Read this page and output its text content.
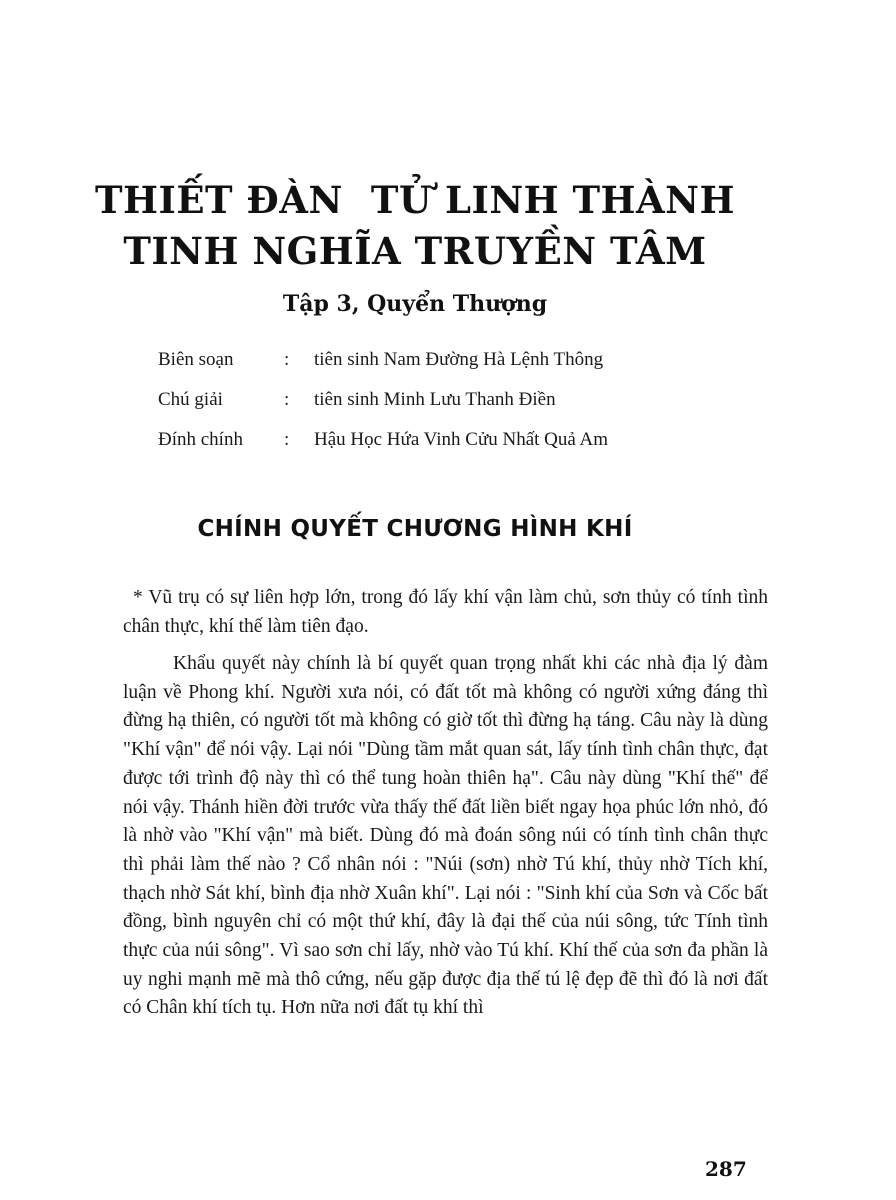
THIẾT ĐÀN TỬ LINH THÀNH
TINH NGHĨA TRUYỀN TÂM
Tập 3, Quyển Thượng
Biên soạn	:	tiên sinh Nam Đường Hà Lệnh Thông
Chú giải	:	tiên sinh Minh Lưu Thanh Điền
Đính chính	:	Hậu Học Hứa Vinh Cửu Nhất Quả Am
CHÍNH QUYẾT CHƯƠNG HÌNH KHÍ

* Vũ trụ có sự liên hợp lớn, trong đó lấy khí vận làm chủ, sơn thủy có tính tình chân thực, khí thế làm tiên đạo.

Khẩu quyết này chính là bí quyết quan trọng nhất khi các nhà địa lý đàm luận về Phong khí. Người xưa nói, có đất tốt mà không có người xứng đáng thì đừng hạ thiên, có người tốt mà không có giờ tốt thì đừng hạ táng. Câu này là dùng "Khí vận" để nói vậy. Lại nói "Dùng tầm mắt quan sát, lấy tính tình chân thực, đạt được tới trình độ này thì có thể tung hoàn thiên hạ". Câu này dùng "Khí thế" để nói vậy. Thánh hiền đời trước vừa thấy thế đất liền biết ngay họa phúc lớn nhỏ, đó là nhờ vào "Khí vận" mà biết. Dùng đó mà đoán sông núi có tính tình chân thực thì phải làm thế nào ? Cổ nhân nói : "Núi (sơn) nhờ Tú khí, thủy nhờ Tích khí, thạch nhờ Sát khí, bình địa nhờ Xuân khí". Lại nói : "Sinh khí của Sơn và Cốc bất đồng, bình nguyên chỉ có một thứ khí, đây là đại thế của núi sông, tức Tính tình thực của núi sông". Vì sao sơn chỉ lấy, nhờ vào Tú khí. Khí thế của sơn đa phần là uy nghi mạnh mẽ mà thô cứng, nếu gặp được địa thế tú lệ đẹp đẽ thì đó là nơi đất có Chân khí tích tụ. Hơn nữa nơi đất tụ khí thì

287
